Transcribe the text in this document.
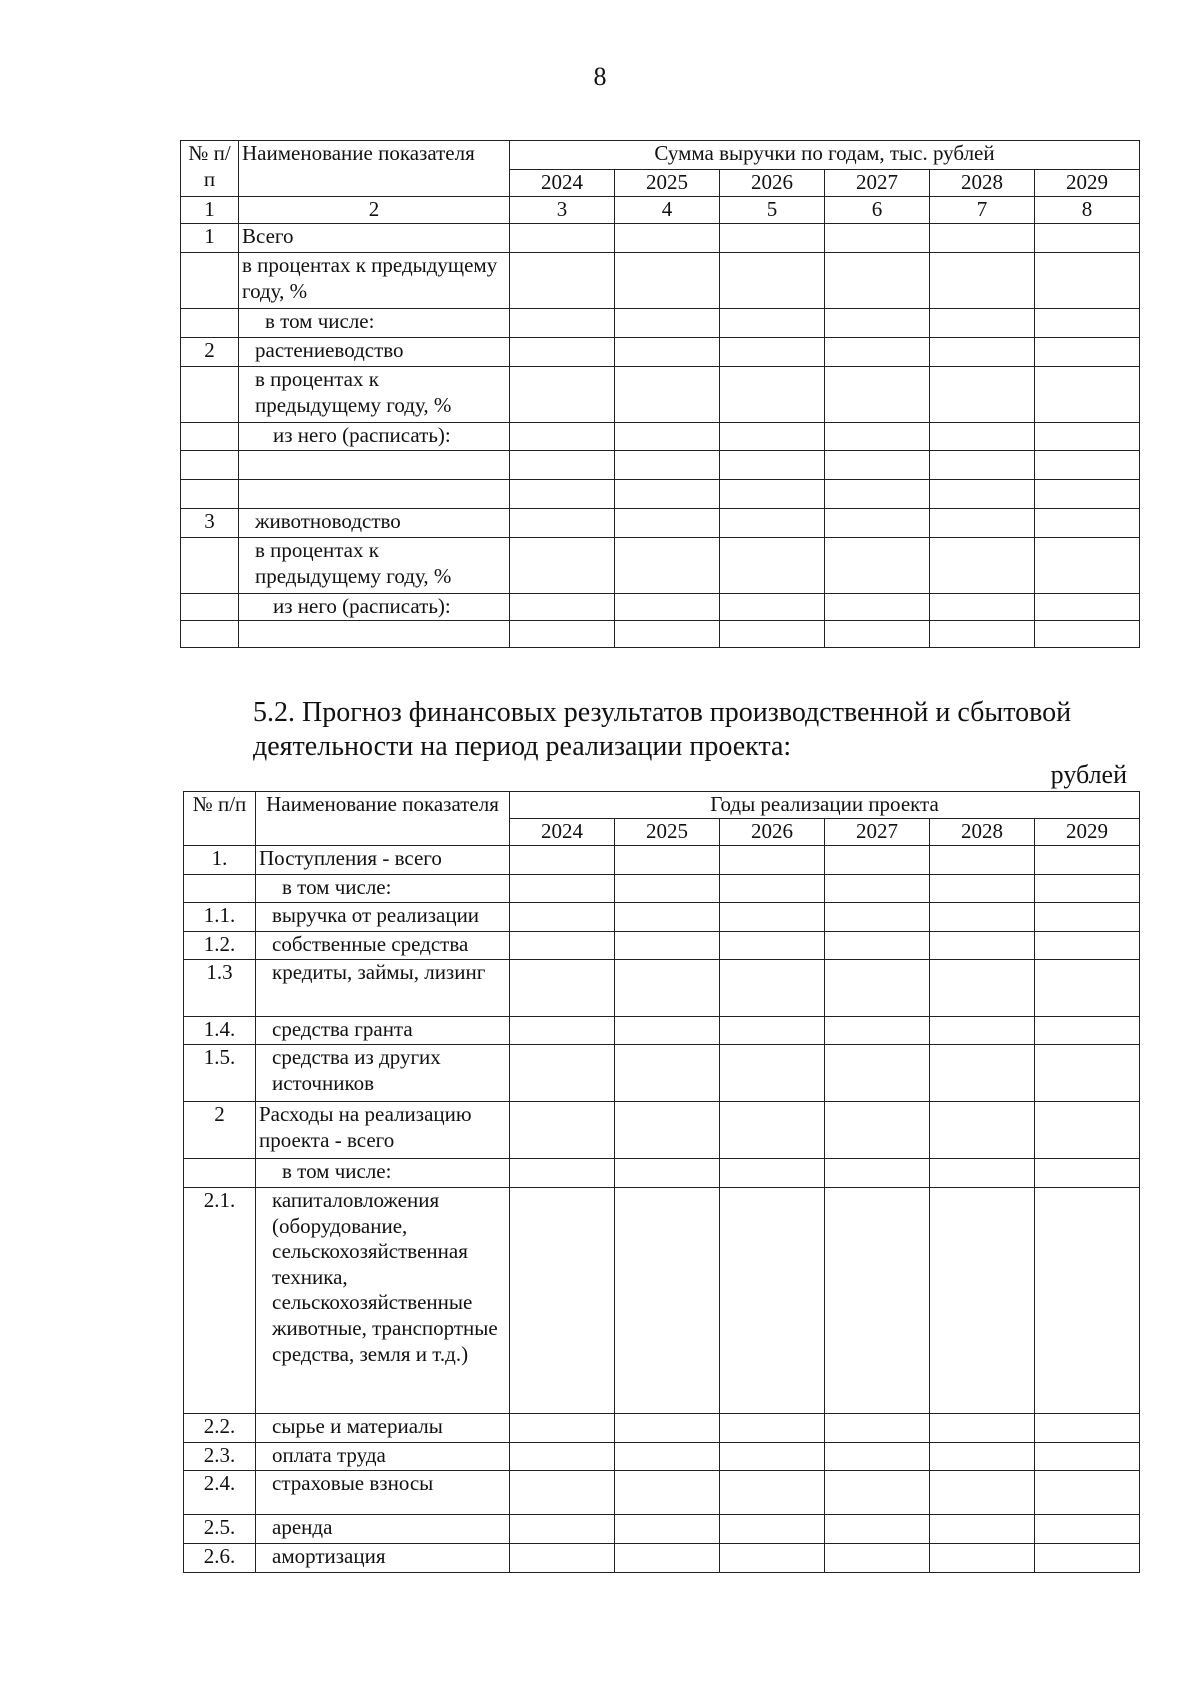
8
№ п/п	Наименование показателя	Сумма выручки по годам, тыс. рублей					
		2024	2025	2026	2027	2028	2029
1	2	3	4	5	6	7	8
1	Всего						
	в процентах к предыдущему году, %						
	в том числе:						
2	растениеводство						
	в процентах к предыдущему году, %						
	из него (расписать):						

3	животноводство						
	в процентах к предыдущему году, %						
	из него (расписать):						

5.2. Прогноз финансовых результатов производственной и сбытовой деятельности на период реализации проекта:
рублей
№ п/п	Наименование показателя	Годы реализации проекта					
		2024	2025	2026	2027	2028	2029
1.	Поступления - всего						
	в том числе:						
1.1.	выручка от реализации						
1.2.	собственные средства						
1.3	кредиты, займы, лизинг						
1.4.	средства гранта						
1.5.	средства из других источников						
2	Расходы на реализацию проекта - всего						
	в том числе:						
2.1.	капиталовложения (оборудование, сельскохозяйственная техника, сельскохозяйственные животные, транспортные средства, земля и т.д.)						
2.2.	сырье и материалы						
2.3.	оплата труда						
2.4.	страховые взносы						
2.5.	аренда						
2.6.	амортизация						
